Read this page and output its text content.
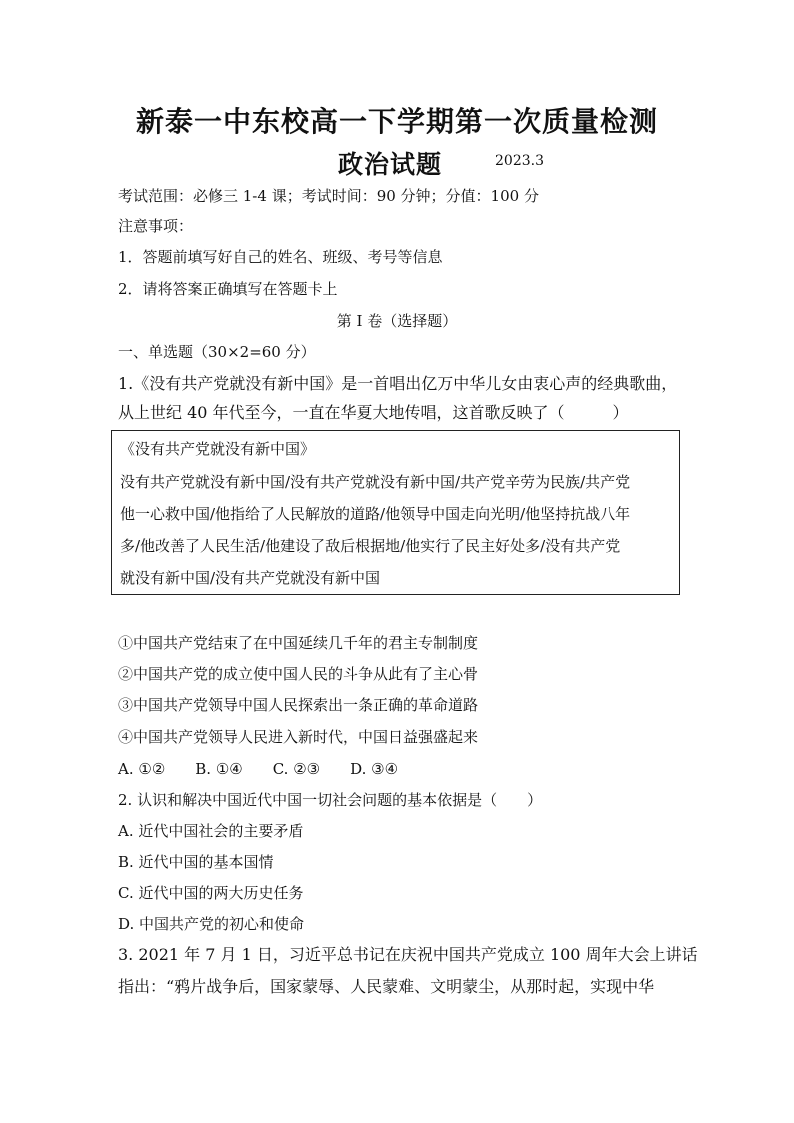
新泰一中东校高一下学期第一次质量检测
政治试题	2023.3
考试范围：必修三 1-4 课；考试时间：90 分钟；分值：100 分
注意事项：
1．答题前填写好自己的姓名、班级、考号等信息
2．请将答案正确填写在答题卡上
第 I 卷（选择题）
一、单选题（30×2=60 分）
1.《没有共产党就没有新中国》是一首唱出亿万中华儿女由衷心声的经典歌曲，
从上世纪 40 年代至今，一直在华夏大地传唱，这首歌反映了（　　　）
《没有共产党就没有新中国》
没有共产党就没有新中国/没有共产党就没有新中国/共产党辛劳为民族/共产党
他一心救中国/他指给了人民解放的道路/他领导中国走向光明/他坚持抗战八年
多/他改善了人民生活/他建设了敌后根据地/他实行了民主好处多/没有共产党
就没有新中国/没有共产党就没有新中国
①中国共产党结束了在中国延续几千年的君主专制制度
②中国共产党的成立使中国人民的斗争从此有了主心骨
③中国共产党领导中国人民探索出一条正确的革命道路
④中国共产党领导人民进入新时代，中国日益强盛起来
A. ①②　　B. ①④　　C. ②③　　D. ③④
2. 认识和解决中国近代中国一切社会问题的基本依据是（　　）
A. 近代中国社会的主要矛盾
B. 近代中国的基本国情
C. 近代中国的两大历史任务
D. 中国共产党的初心和使命
3. 2021 年 7 月 1 日，习近平总书记在庆祝中国共产党成立 100 周年大会上讲话
指出：“鸦片战争后，国家蒙辱、人民蒙难、文明蒙尘，从那时起，实现中华
